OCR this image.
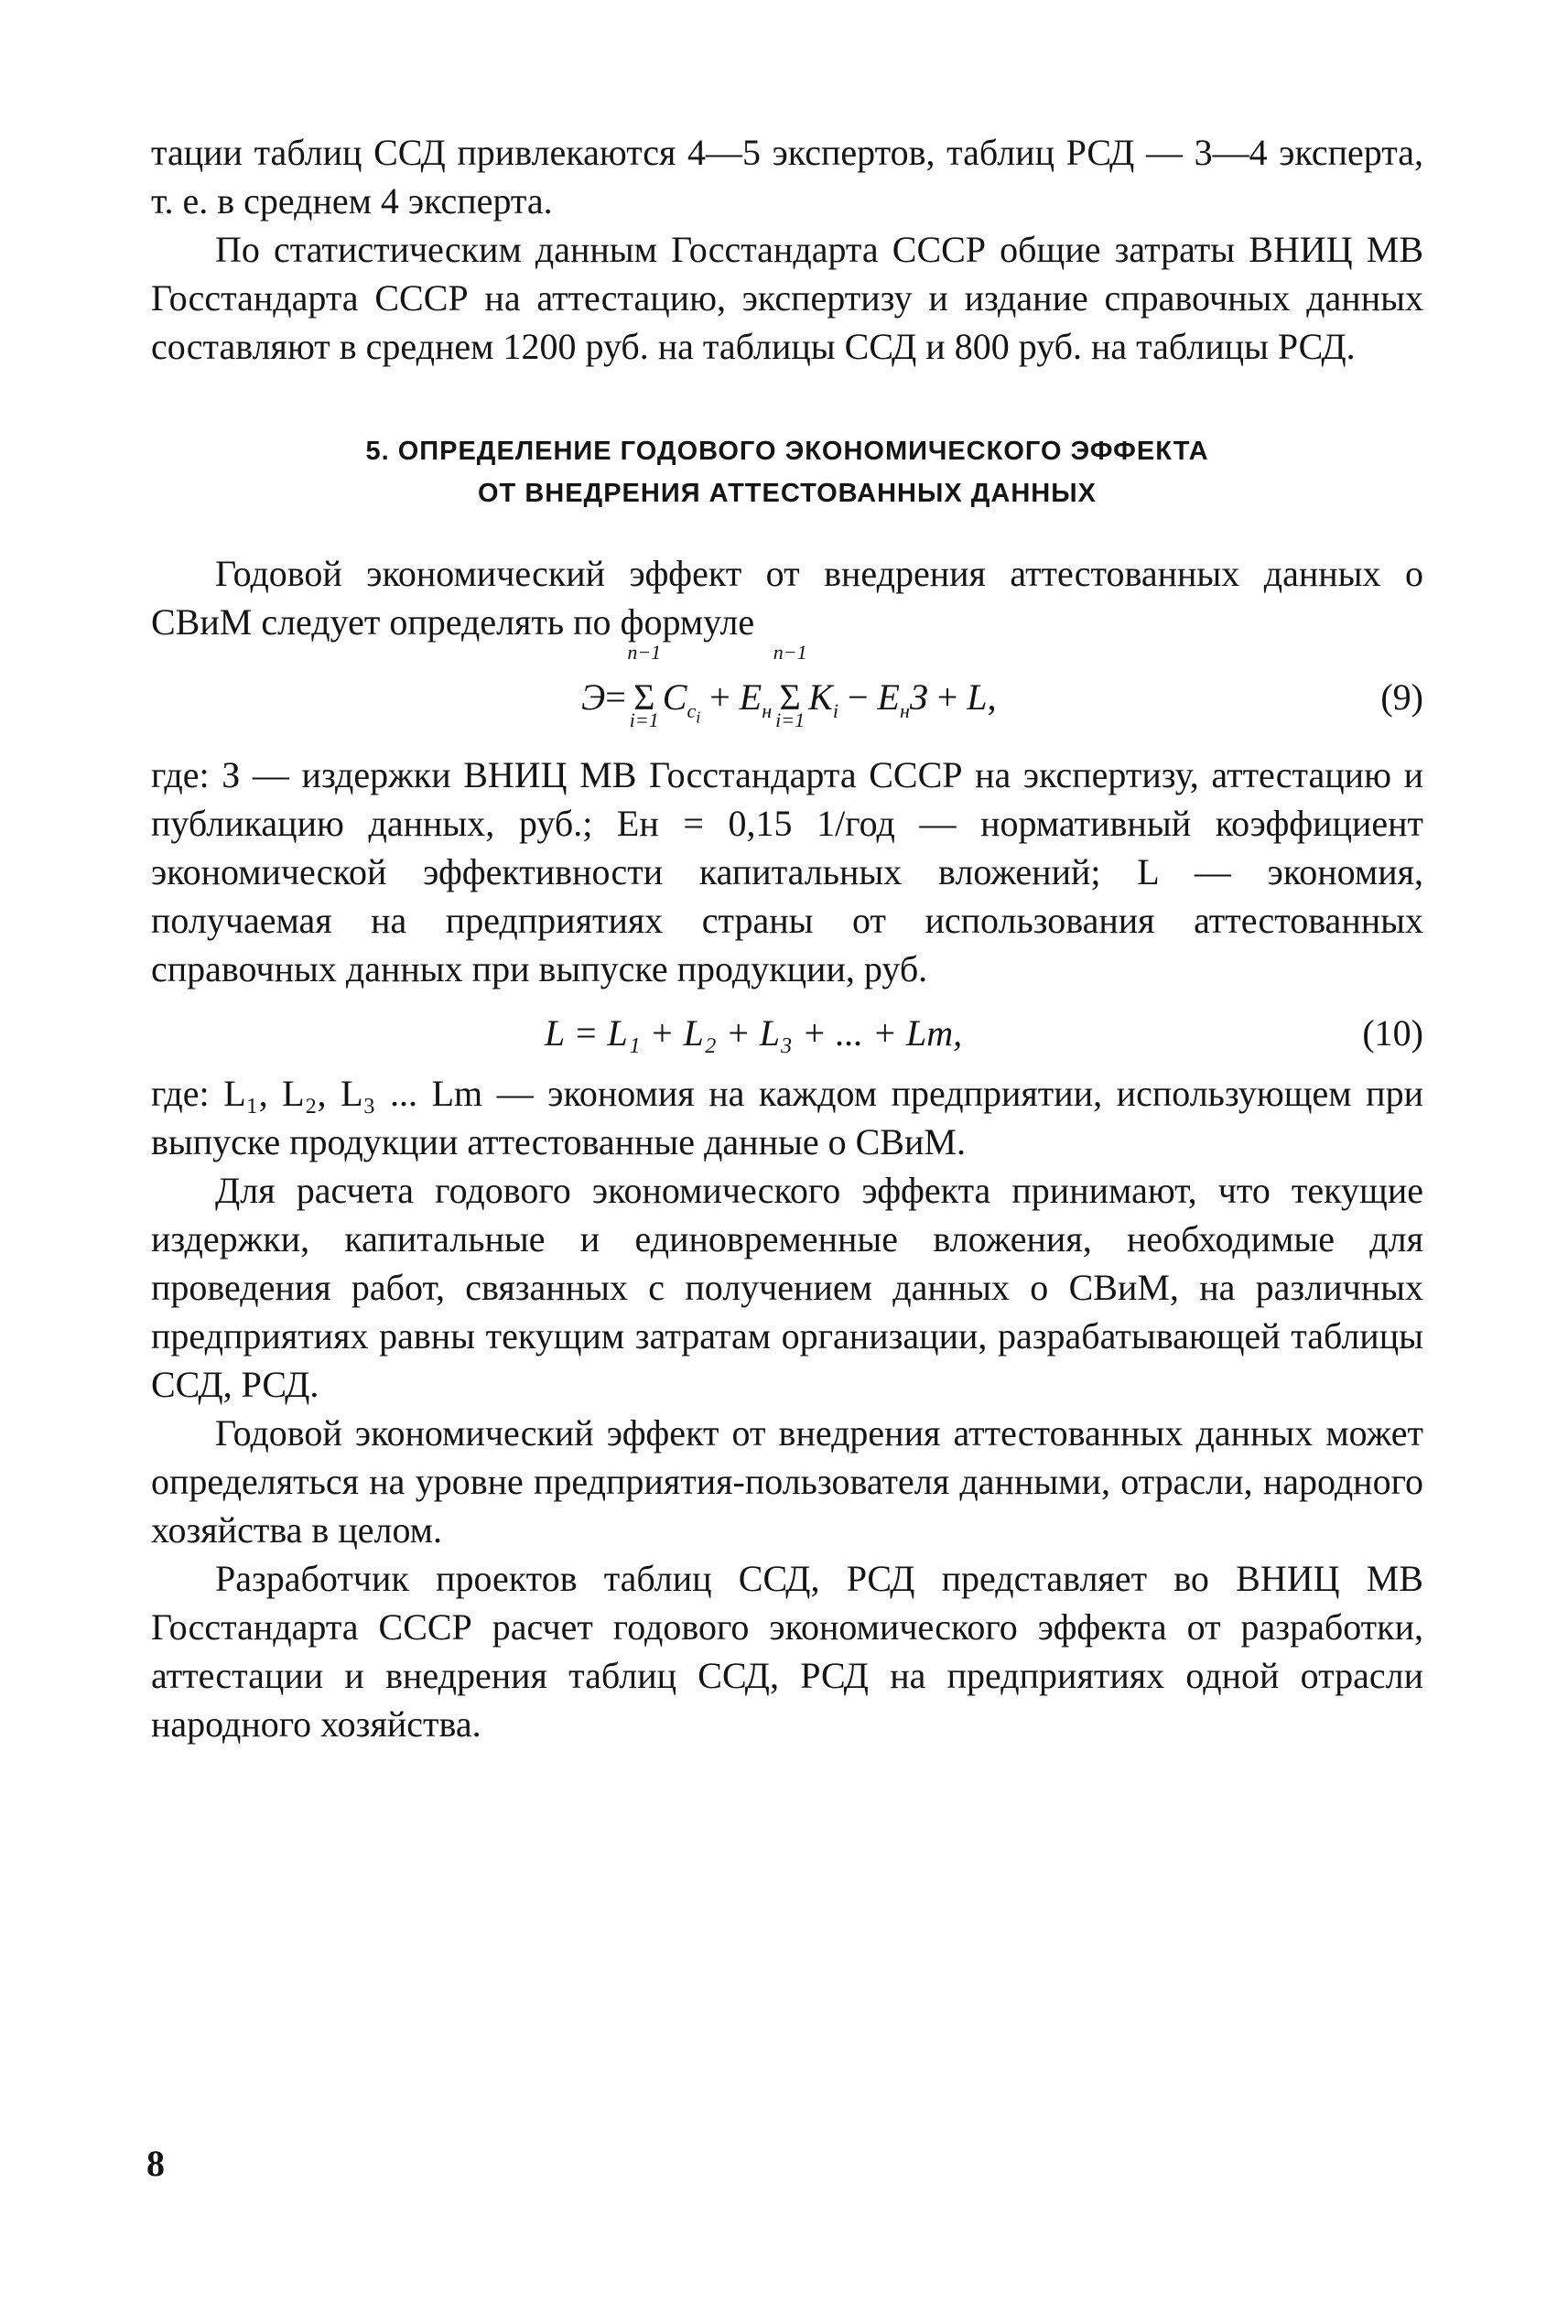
тации таблиц ССД привлекаются 4—5 экспертов, таблиц РСД — 3—4 эксперта, т. е. в среднем 4 эксперта.

По статистическим данным Госстандарта СССР общие затраты ВНИЦ МВ Госстандарта СССР на аттестацию, экспертизу и издание справочных данных составляют в среднем 1200 руб. на таблицы ССД и 800 руб. на таблицы РСД.

5. ОПРЕДЕЛЕНИЕ ГОДОВОГО ЭКОНОМИЧЕСКОГО ЭФФЕКТА
ОТ ВНЕДРЕНИЯ АТТЕСТОВАННЫХ ДАННЫХ

Годовой экономический эффект от внедрения аттестованных данных о СВиМ следует определять по формуле

Э= Σ
n−1
i=1
$C_{c_i} + E_н$ Σ
n−1
i=1
$K_i - E_нЗ + L$,	(9)

где: З — издержки ВНИЦ МВ Госстандарта СССР на экспертизу, аттестацию и публикацию данных, руб.; Eн = 0,15 1/год — нормативный коэффициент экономической эффективности капитальных вложений; L — экономия, получаемая на предприятиях страны от использования аттестованных справочных данных при выпуске продукции, руб.

L = L₁ + L₂ + L₃ + ... + Lm,	(10)

где: L₁, L₂, L₃ ... Lm — экономия на каждом предприятии, использующем при выпуске продукции аттестованные данные о СВиМ.

Для расчета годового экономического эффекта принимают, что текущие издержки, капитальные и единовременные вложения, необходимые для проведения работ, связанных с получением данных о СВиМ, на различных предприятиях равны текущим затратам организации, разрабатывающей таблицы ССД, РСД.

Годовой экономический эффект от внедрения аттестованных данных может определяться на уровне предприятия-пользователя данными, отрасли, народного хозяйства в целом.

Разработчик проектов таблиц ССД, РСД представляет во ВНИЦ МВ Госстандарта СССР расчет годового экономического эффекта от разработки, аттестации и внедрения таблиц ССД, РСД на предприятиях одной отрасли народного хозяйства.

8
